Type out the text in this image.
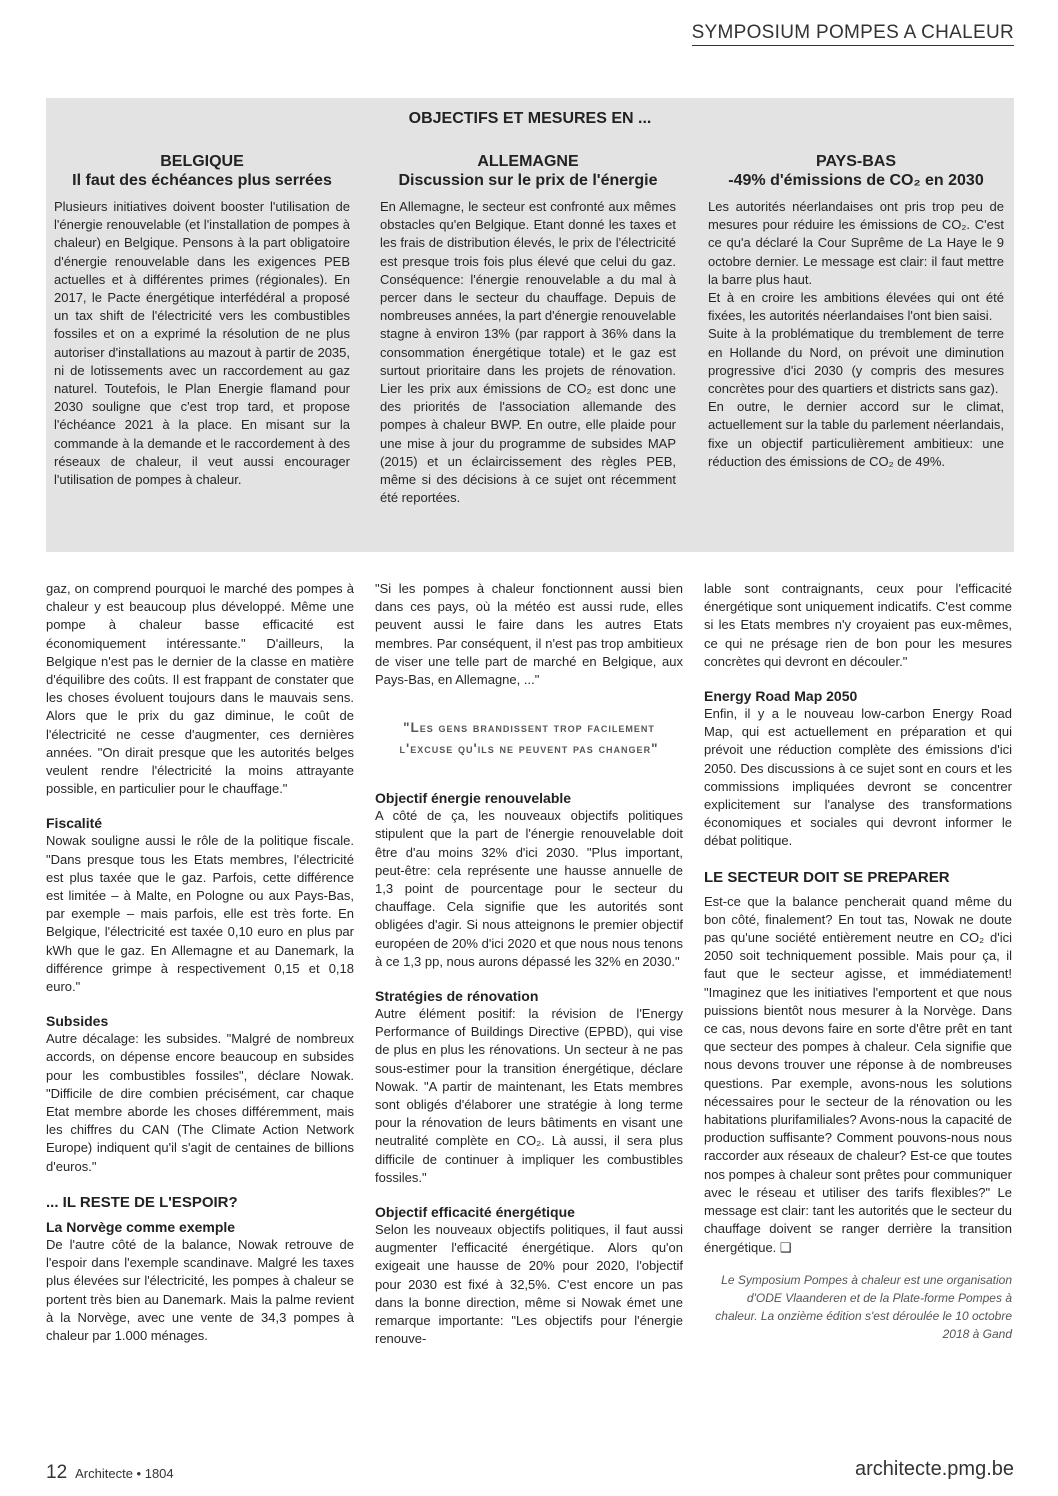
SYMPOSIUM POMPES A CHALEUR
OBJECTIFS ET MESURES EN ...
BELGIQUE
Il faut des échéances plus serrées

Plusieurs initiatives doivent booster l'utilisation de l'énergie renouvelable (et l'installation de pompes à chaleur) en Belgique. Pensons à la part obligatoire d'énergie renouvelable dans les exigences PEB actuelles et à différentes primes (régionales). En 2017, le Pacte énergétique interfédéral a proposé un tax shift de l'électricité vers les combustibles fossiles et on a exprimé la résolution de ne plus autoriser d'installations au mazout à partir de 2035, ni de lotissements avec un raccordement au gaz naturel. Toutefois, le Plan Energie flamand pour 2030 souligne que c'est trop tard, et propose l'échéance 2021 à la place. En misant sur la commande à la demande et le raccordement à des réseaux de chaleur, il veut aussi encourager l'utilisation de pompes à chaleur.

ALLEMAGNE
Discussion sur le prix de l'énergie

En Allemagne, le secteur est confronté aux mêmes obstacles qu'en Belgique. Etant donné les taxes et les frais de distribution élevés, le prix de l'électricité est presque trois fois plus élevé que celui du gaz. Conséquence: l'énergie renouvelable a du mal à percer dans le secteur du chauffage. Depuis de nombreuses années, la part d'énergie renouvelable stagne à environ 13% (par rapport à 36% dans la consommation énergétique totale) et le gaz est surtout prioritaire dans les projets de rénovation. Lier les prix aux émissions de CO₂ est donc une des priorités de l'association allemande des pompes à chaleur BWP. En outre, elle plaide pour une mise à jour du programme de subsides MAP (2015) et un éclaircissement des règles PEB, même si des décisions à ce sujet ont récemment été reportées.

PAYS-BAS
-49% d'émissions de CO₂ en 2030

Les autorités néerlandaises ont pris trop peu de mesures pour réduire les émissions de CO₂. C'est ce qu'a déclaré la Cour Suprême de La Haye le 9 octobre dernier. Le message est clair: il faut mettre la barre plus haut.

Et à en croire les ambitions élevées qui ont été fixées, les autorités néerlandaises l'ont bien saisi.

Suite à la problématique du tremblement de terre en Hollande du Nord, on prévoit une diminution progressive d'ici 2030 (y compris des mesures concrètes pour des quartiers et districts sans gaz).

En outre, le dernier accord sur le climat, actuellement sur la table du parlement néerlandais, fixe un objectif particulièrement ambitieux: une réduction des émissions de CO₂ de 49%.

gaz, on comprend pourquoi le marché des pompes à chaleur y est beaucoup plus développé. Même une pompe à chaleur basse efficacité est économiquement intéressante." D'ailleurs, la Belgique n'est pas le dernier de la classe en matière d'équilibre des coûts. Il est frappant de constater que les choses évoluent toujours dans le mauvais sens. Alors que le prix du gaz diminue, le coût de l'électricité ne cesse d'augmenter, ces dernières années. "On dirait presque que les autorités belges veulent rendre l'électricité la moins attrayante possible, en particulier pour le chauffage."

Fiscalité

Nowak souligne aussi le rôle de la politique fiscale. "Dans presque tous les Etats membres, l'électricité est plus taxée que le gaz. Parfois, cette différence est limitée – à Malte, en Pologne ou aux Pays-Bas, par exemple – mais parfois, elle est très forte. En Belgique, l'électricité est taxée 0,10 euro en plus par kWh que le gaz. En Allemagne et au Danemark, la différence grimpe à respectivement 0,15 et 0,18 euro."

Subsides

Autre décalage: les subsides. "Malgré de nombreux accords, on dépense encore beaucoup en subsides pour les combustibles fossiles", déclare Nowak. "Difficile de dire combien précisément, car chaque Etat membre aborde les choses différemment, mais les chiffres du CAN (The Climate Action Network Europe) indiquent qu'il s'agit de centaines de billions d'euros."

... IL RESTE DE L'ESPOIR?
La Norvège comme exemple

De l'autre côté de la balance, Nowak retrouve de l'espoir dans l'exemple scandinave. Malgré les taxes plus élevées sur l'électricité, les pompes à chaleur se portent très bien au Danemark. Mais la palme revient à la Norvège, avec une vente de 34,3 pompes à chaleur par 1.000 ménages.

"Si les pompes à chaleur fonctionnent aussi bien dans ces pays, où la météo est aussi rude, elles peuvent aussi le faire dans les autres Etats membres. Par conséquent, il n'est pas trop ambitieux de viser une telle part de marché en Belgique, aux Pays-Bas, en Allemagne, ..."

"Les gens brandissent trop facilement l'excuse qu'ils ne peuvent pas changer"
Objectif énergie renouvelable

A côté de ça, les nouveaux objectifs politiques stipulent que la part de l'énergie renouvelable doit être d'au moins 32% d'ici 2030. "Plus important, peut-être: cela représente une hausse annuelle de 1,3 point de pourcentage pour le secteur du chauffage. Cela signifie que les autorités sont obligées d'agir. Si nous atteignons le premier objectif européen de 20% d'ici 2020 et que nous nous tenons à ce 1,3 pp, nous aurons dépassé les 32% en 2030."

Stratégies de rénovation

Autre élément positif: la révision de l'Energy Performance of Buildings Directive (EPBD), qui vise de plus en plus les rénovations. Un secteur à ne pas sous-estimer pour la transition énergétique, déclare Nowak. "A partir de maintenant, les Etats membres sont obligés d'élaborer une stratégie à long terme pour la rénovation de leurs bâtiments en visant une neutralité complète en CO₂. Là aussi, il sera plus difficile de continuer à impliquer les combustibles fossiles."

Objectif efficacité énergétique

Selon les nouveaux objectifs politiques, il faut aussi augmenter l'efficacité énergétique. Alors qu'on exigeait une hausse de 20% pour 2020, l'objectif pour 2030 est fixé à 32,5%. C'est encore un pas dans la bonne direction, même si Nowak émet une remarque importante: "Les objectifs pour l'énergie renouve-

lable sont contraignants, ceux pour l'efficacité énergétique sont uniquement indicatifs. C'est comme si les Etats membres n'y croyaient pas eux-mêmes, ce qui ne présage rien de bon pour les mesures concrètes qui devront en découler."

Energy Road Map 2050

Enfin, il y a le nouveau low-carbon Energy Road Map, qui est actuellement en préparation et qui prévoit une réduction complète des émissions d'ici 2050. Des discussions à ce sujet sont en cours et les commissions impliquées devront se concentrer explicitement sur l'analyse des transformations économiques et sociales qui devront informer le débat politique.

LE SECTEUR DOIT SE PREPARER

Est-ce que la balance pencherait quand même du bon côté, finalement? En tout tas, Nowak ne doute pas qu'une société entièrement neutre en CO₂ d'ici 2050 soit techniquement possible. Mais pour ça, il faut que le secteur agisse, et immédiatement! "Imaginez que les initiatives l'emportent et que nous puissions bientôt nous mesurer à la Norvège. Dans ce cas, nous devons faire en sorte d'être prêt en tant que secteur des pompes à chaleur. Cela signifie que nous devons trouver une réponse à de nombreuses questions. Par exemple, avons-nous les solutions nécessaires pour le secteur de la rénovation ou les habitations plurifamiliales? Avons-nous la capacité de production suffisante? Comment pouvons-nous nous raccorder aux réseaux de chaleur? Est-ce que toutes nos pompes à chaleur sont prêtes pour communiquer avec le réseau et utiliser des tarifs flexibles?" Le message est clair: tant les autorités que le secteur du chauffage doivent se ranger derrière la transition énergétique. ❑

Le Symposium Pompes à chaleur est une organisation d'ODE Vlaanderen et de la Plate-forme Pompes à chaleur. La onzième édition s'est déroulée le 10 octobre 2018 à Gand
12 Architecte • 1804	architecte.pmg.be
